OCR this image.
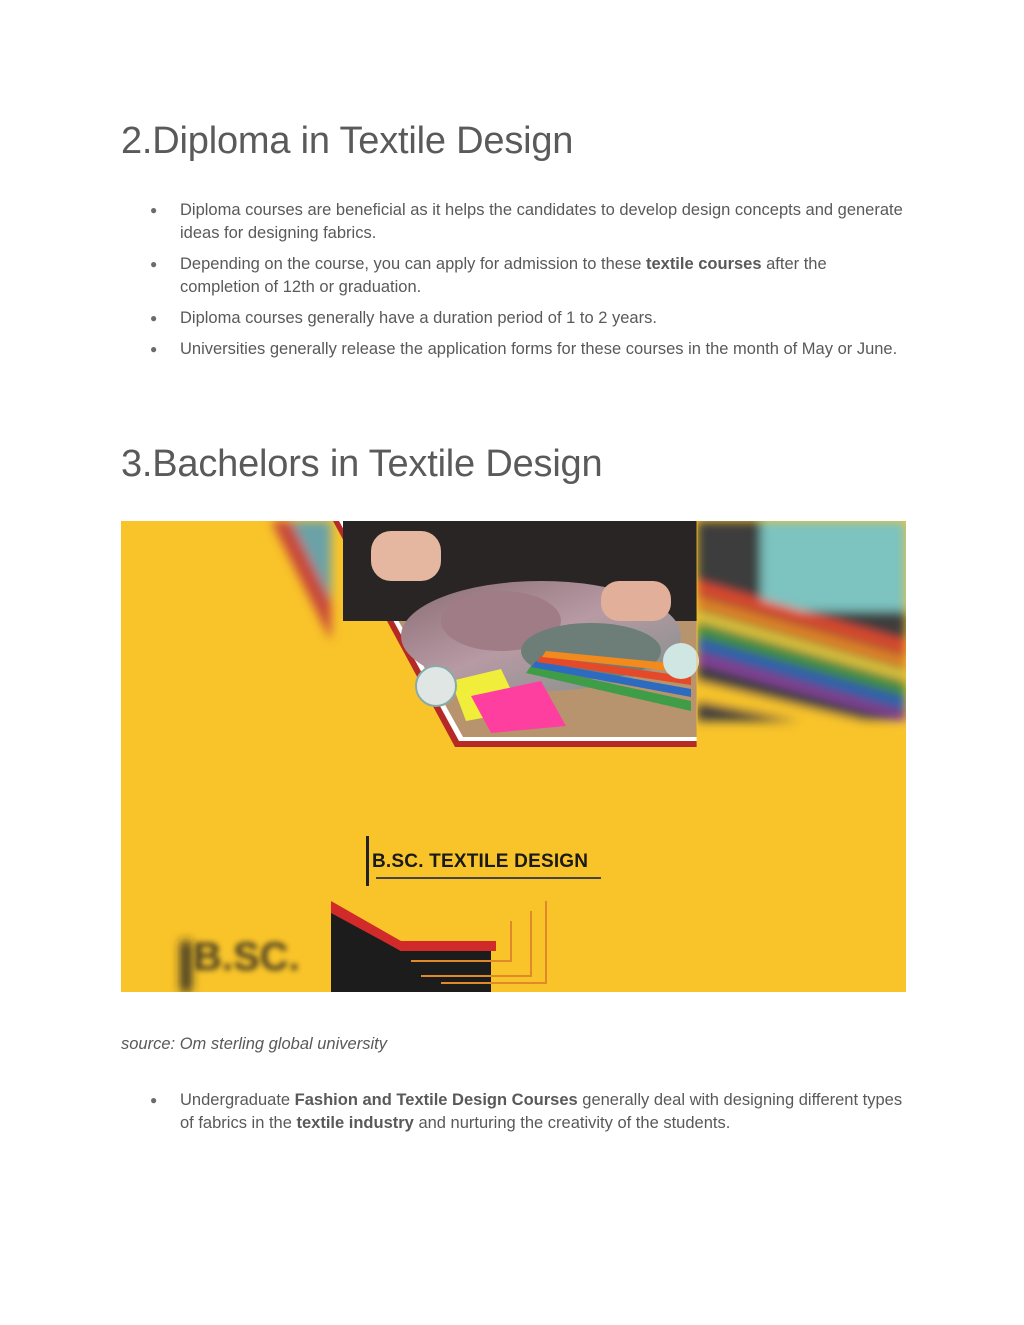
2.Diploma in Textile Design
● Diploma courses are beneficial as it helps the candidates to develop design concepts and generate ideas for designing fabrics.
● Depending on the course, you can apply for admission to these textile courses after the completion of 12th or graduation.
● Diploma courses generally have a duration period of 1 to 2 years.
● Universities generally release the application forms for these courses in the month of May or June.
3.Bachelors in Textile Design
B.SC. TEXTILE DESIGN
B.SC.
source: Om sterling global university
● Undergraduate Fashion and Textile Design Courses generally deal with designing different types of fabrics in the textile industry and nurturing the creativity of the students.
